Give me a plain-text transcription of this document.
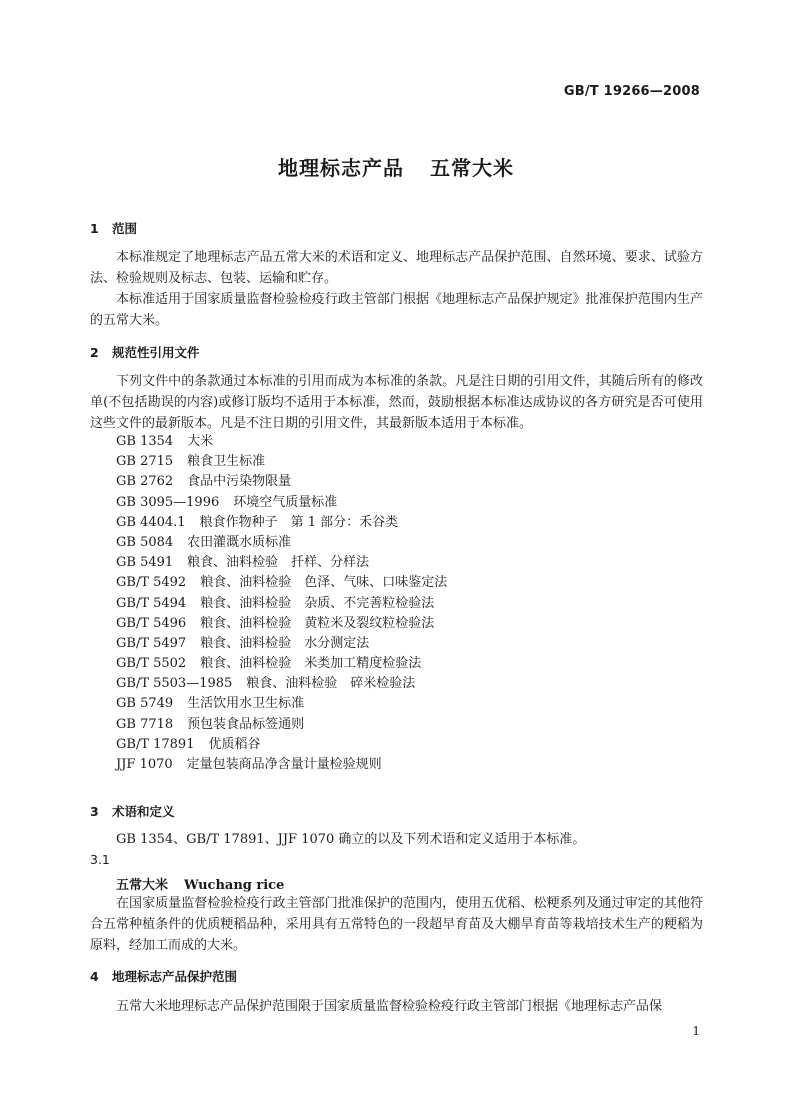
GB/T 19266—2008
地理标志产品 五常大米
1 范围
本标准规定了地理标志产品五常大米的术语和定义、地理标志产品保护范围、自然环境、要求、试验方法、检验规则及标志、包装、运输和贮存。
本标准适用于国家质量监督检验检疫行政主管部门根据《地理标志产品保护规定》批准保护范围内生产的五常大米。
2 规范性引用文件
下列文件中的条款通过本标准的引用而成为本标准的条款。凡是注日期的引用文件，其随后所有的修改单(不包括勘误的内容)或修订版均不适用于本标准，然而，鼓励根据本标准达成协议的各方研究是否可使用这些文件的最新版本。凡是不注日期的引用文件，其最新版本适用于本标准。
GB 1354 大米
GB 2715 粮食卫生标准
GB 2762 食品中污染物限量
GB 3095—1996 环境空气质量标准
GB 4404.1 粮食作物种子　第 1 部分：禾谷类
GB 5084 农田灌溉水质标准
GB 5491 粮食、油料检验　扦样、分样法
GB/T 5492 粮食、油料检验　色泽、气味、口味鉴定法
GB/T 5494 粮食、油料检验　杂质、不完善粒检验法
GB/T 5496 粮食、油料检验　黄粒米及裂纹粒检验法
GB/T 5497 粮食、油料检验　水分测定法
GB/T 5502 粮食、油料检验　米类加工精度检验法
GB/T 5503—1985 粮食、油料检验　碎米检验法
GB 5749 生活饮用水卫生标准
GB 7718 预包装食品标签通则
GB/T 17891 优质稻谷
JJF 1070 定量包装商品净含量计量检验规则
3 术语和定义
GB 1354、GB/T 17891、JJF 1070 确立的以及下列术语和定义适用于本标准。
3.1
五常大米 Wuchang rice
在国家质量监督检验检疫行政主管部门批准保护的范围内，使用五优稻、松粳系列及通过审定的其他符合五常种植条件的优质粳稻品种，采用具有五常特色的一段超早育苗及大棚旱育苗等栽培技术生产的粳稻为原料，经加工而成的大米。
4 地理标志产品保护范围
五常大米地理标志产品保护范围限于国家质量监督检验检疫行政主管部门根据《地理标志产品保
1
